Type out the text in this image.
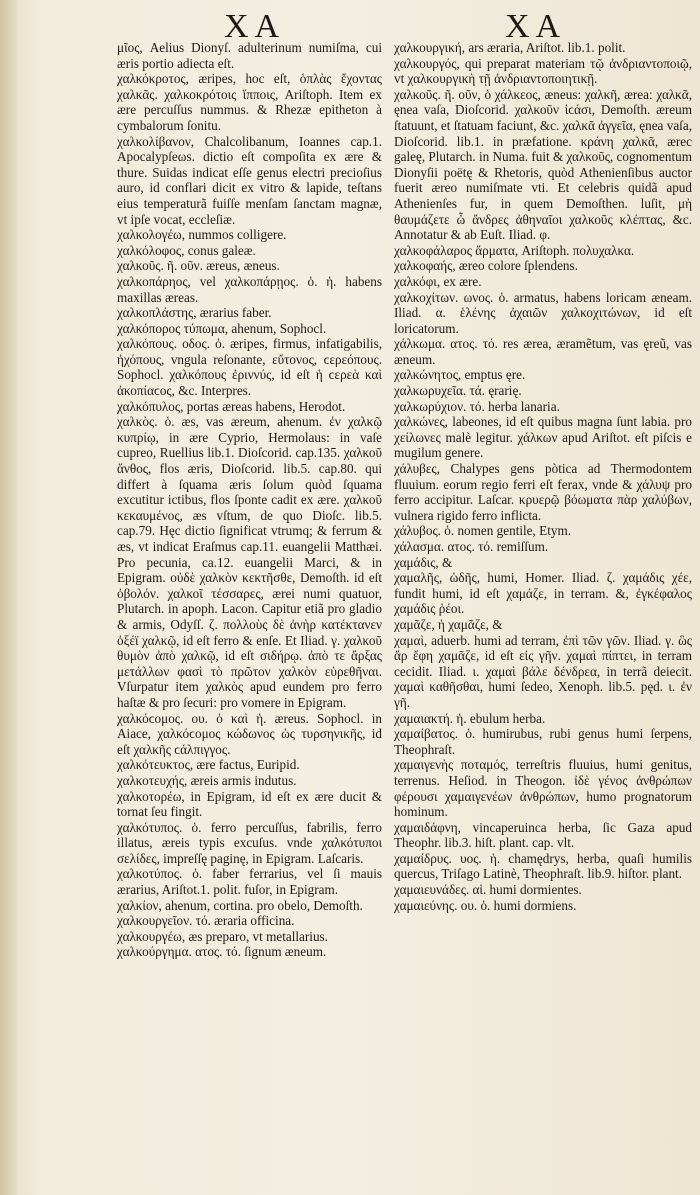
XA	XA

μῖος, Aelius Dionyſ. adulterinum numiſma, cui æris portio adiecta eſt.

χαλκόκροτος, æripes, hoc eſt, ὁπλὰς ἔχοντας χαλκᾶς. χαλκοκρότοις ἵπποις, Ariſtoph. Item ex ære percuſſus nummus. & Rhezæ epitheton à cymbalorum ſonitu.

χαλκολίβανον, Chalcolibanum, Ioannes cap.1. Apocalypſeωs. dictio eſt compoſita ex ære & thure. Suidas indicat eſſe genus electri precioſius auro, id conflari dicit ex vitro & lapide, teſtans eius temperaturã fuiſſe menſam ſanctam magnæ, vt ipſe vocat, eccleſiæ.

χαλκολογέω, nummos colligere.

χαλκόλοφος, conus galeæ.

χαλκοῦς. ῆ. οῦν. æreus, æneus.

χαλκοπάρηος, vel χαλκοπάρῃος. ὁ. ἡ. habens maxillas æreas.

χαλκοπλάστης, ærarius faber.

χαλκόπορος τύπωμα, ahenum, Sophocl.

χαλκόπους. οδος. ὁ. æripes, firmus, infatigabilis, ἠχόπους, vngula reſonante, εὔτονος, ϲερεόπους. Sophocl. χαλκόπους ἐριννύς, id eſt ἡ ϲερεὰ καὶ ἀκοπίαϲος, &c. Interpres.

χαλκόπυλος, portas æreas habens, Herodot.

χαλκὸς. ὁ. æs, vas æreum, ahenum. ἐν χαλκῷ κυπρίῳ, in ære Cyprio, Hermolaus: in vaſe cupreo, Ruellius lib.1. Dioſcorid. cap.135. χαλκοῦ ἄνθος, flos æris, Dioſcorid. lib.5. cap.80. qui differt à ſquama æris ſolum quòd ſquama excutitur ictibus, flos ſponte cadit ex ære. χαλκοῦ κεκαυμένος, æs vſtum, de quo Dioſc. lib.5. cap.79. Hęc dictio ſignificat vtrumq; & ferrum & æs, vt indicat Eraſmus cap.11. euangelii Matthæi. Pro pecunia, ca.12. euangelii Marci, & in Epigram. οὐδὲ χαλκὸν κεκτῆσθε, Demoſth. id eſt ὀβολόν. χαλκοῖ τέσσαρες, ærei numi quatuor, Plutarch. in apoph. Lacon. Capitur etiã pro gladio & armis, Odyſſ. ζ. πολλοὺς δὲ ἀνὴρ κατέκτανεν ὀξέϊ χαλκῷ, id eſt ferro & enſe. Et Iliad. γ. χαλκοῦ θυμὸν ἀπὸ χαλκῷ, id eſt σιδήρῳ. ἀπὸ τε ἄρξας μετάλλων φασὶ τὸ πρῶτον χαλκὸν εὑρεθῆναι. Vſurpatur item χαλκὸς apud eundem pro ferro haſtæ & pro ſecuri: pro vomere in Epigram.

χαλκόϲομος. ου. ὁ καὶ ἡ. æreus. Sophocl. in Aiace, χαλκόϲομος κώδωνος ὡς τυρσηνικῆς, id eſt χαλκῆς ϲάλπιγγος.

χαλκότευκτος, ære factus, Euripid.

χαλκοτευχής, æreis armis indutus.

χαλκοτορέω, in Epigram, id eſt ex ære ducit & tornat ſeu fingit.

χαλκότυπος. ὁ. ferro percuſſus, fabrilis, ferro illatus, æreis typis excuſus. vnde χαλκότυποι σελίδες, impreſſę paginę, in Epigram. Laſcaris.

χαλκοτύπος. ὁ. faber ferrarius, vel ſi mauis ærarius, Ariſtot.1. polit. fuſor, in Epigram.

χαλκίον, ahenum, cortina. pro obelo, Demoſth.

χαλκουργεῖον. τό. ærariа officina.

χαλκουργέω, æs preparo, vt metallarius.

χαλκούργημα. ατος. τό. ſignum æneum.

χαλκουργική, ars æraria, Ariſtot. lib.1. polit.

χαλκουργός, qui preparat materiam τῷ ἀνδριαντοποιῷ, vt χαλκουργικὴ τῇ ἀνδριαντοποιητικῇ.

χαλκοῦς. ῆ. οῦν, ὁ χάλκεος, æneus: χαλκῆ, æreaː χαλκᾶ, ęnea vaſa, Dioſcorid. χαλκοῦν ἱϲάσι, Demoſth. æreum ſtatuunt, et ſtatuam faciunt, &c. χαλκᾶ ἀγγεῖα, ęnea vaſa, Dioſcorid. lib.1. in præfatione. κράνη χαλκᾶ, ærec galeę, Plutarch. in Numa. fuit & χαλκοῦς, cognomentum Dionyſii poëtę & Rhetoris, quòd Athenienſibus auctor fuerit æreo numiſmate vti. Et celebris quidã apud Athenienſes fur, in quem Demoſthen. luſit, μὴ θαυμάζετε ὦ ἄνδρες ἀθηναῖοι χαλκοῦς κλέπτας, &c. Annotatur & ab Euſt. Iliad. φ.

χαλκοφάλαρος ἅρματα, Ariſtoph. πολυχαλκα.

χαλκοφαής, æreo colore ſplendens.

χαλκόφι, ex ære.

χαλκοχίτων. ωνος. ὁ. armatus, habens loricam æneam. Iliad. α. ἑλένης ἀχαιῶν χαλκοχιτώνων, id eſt loricatorum.

χάλκωμα. ατος. τό. res ærea, æramẽtum, vas ęreũ, vas æneum.

χαλκώνητος, emptus ęre.

χαλκωρυχεῖα. τά. ęrarię.

χαλκωρύχιον. τό. herba lanaria.

χαλκώνες, labeones, id eſt quibus magna ſunt labia. pro χείλωνες malè legitur. χάλκων apud Ariſtot. eſt piſcis e mugilum genere.

χάλυβες, Chalypes gens pòtica ad Thermodontem fluuium. eorum regio ferri eſt ferax, vnde & χάλυψ pro ferro accipitur. Laſcar. κρυερῷ βόωματα πὰρ χαλύβων, vulnera rigido ferro inflicta.

χάλυβος. ὁ. nomen gentile, Etym.

χάλασμα. ατος. τό. remiſſum.

χαμάδις, &

χαμαλῆς, ὡδῆς, humi, Homer. Iliad. ζ. χαμάδις χέε, fundit humi, id eſt χαμάζε, in terram. &, ἐγκέφαλος χαμάδις ῥέοι.

χαμᾶζε, ἡ χαμᾶζε, &

χαμαὶ, aduerb. humi ad terram, ἐπὶ τῶν γῶν. Iliad. γ. ὣς ἄρ ἔφη χαμᾶζε, id eſt εἰς γῆν. χαμαὶ πίπτει, in terram cecidit. Iliad. ι. χαμαὶ βάλε δένδρεα, in terrã deiecit. χαμαὶ καθῆσθαι, humi ſedeo, Xenoph. lib.5. pęd. ι. ἐν γῆ.

χαμαιακτή. ἡ. ebulum herba.

χαμαίβατος. ὁ. humirubus, rubi genus humi ſerpens, Theophraſt.

χαμαιγενὴς ποταμός, terreſtris fluuius, humi genitus, terrenus. Heſiod. in Theogon. ἰδὲ γένος ἀνθρώπων φέρουσι χαμαιγενέων ἀνθρώπων, humo prognatorum hominum.

χαμαιδάφνη, vincaperuinca herba, ſic Gaza apud Theophr. lib.3. hiſt. plant. cap. vlt.

χαμαίδρυς. υος. ἡ. chamędrys, herba, quaſi humilis quercus, Triſago Latinè, Theophraſt. lib.9. hiſtor. plant.

χαμαιευνάδες. αἱ. humi dormientes.

χαμαιεύνης. ου. ὁ. humi dormiens.
